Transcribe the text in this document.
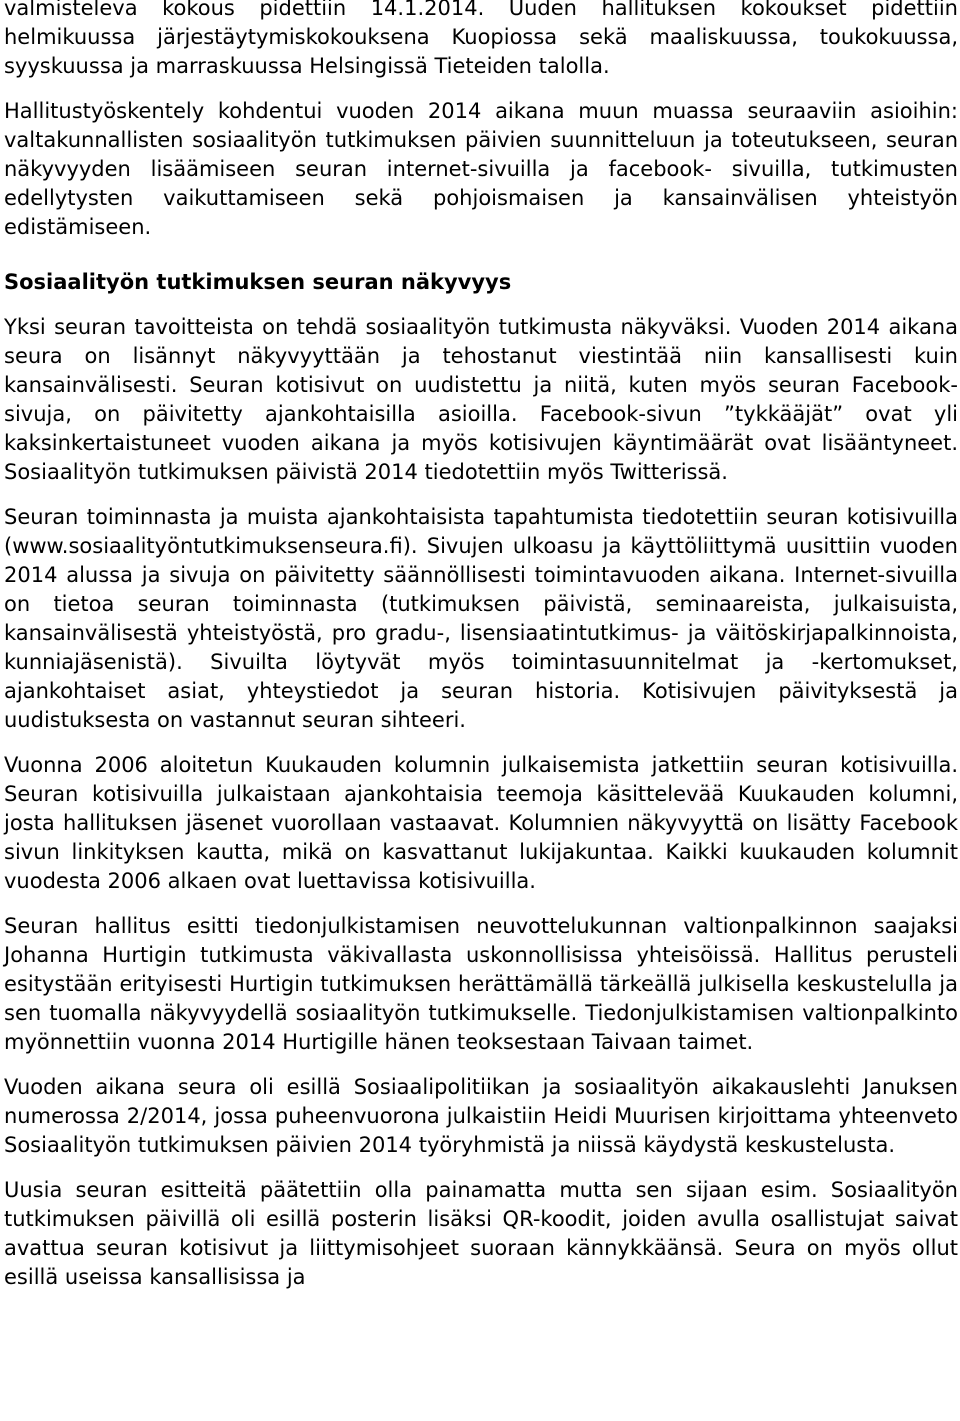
valmisteleva kokous pidettiin 14.1.2014. Uuden hallituksen kokoukset pidettiin helmikuussa järjestäytymiskokouksena Kuopiossa sekä maaliskuussa, toukokuussa, syyskuussa ja marraskuussa Helsingissä Tieteiden talolla.

Hallitustyöskentely kohdentui vuoden 2014 aikana muun muassa seuraaviin asioihin: valtakunnallisten sosiaalityön tutkimuksen päivien suunnitteluun ja toteutukseen, seuran näkyvyyden lisäämiseen seuran internet-sivuilla ja facebook- sivuilla, tutkimusten edellytysten vaikuttamiseen sekä pohjoismaisen ja kansainvälisen yhteistyön edistämiseen.

Sosiaalityön tutkimuksen seuran näkyvyys

Yksi seuran tavoitteista on tehdä sosiaalityön tutkimusta näkyväksi. Vuoden 2014 aikana seura on lisännyt näkyvyyttään ja tehostanut viestintää niin kansallisesti kuin kansainvälisesti. Seuran kotisivut on uudistettu ja niitä, kuten myös seuran Facebook-sivuja, on päivitetty ajankohtaisilla asioilla. Facebook-sivun ”tykkääjät” ovat yli kaksinkertaistuneet vuoden aikana ja myös kotisivujen käyntimäärät ovat lisääntyneet. Sosiaalityön tutkimuksen päivistä 2014 tiedotettiin myös Twitterissä.

Seuran toiminnasta ja muista ajankohtaisista tapahtumista tiedotettiin seuran kotisivuilla (www.sosiaalityöntutkimuksenseura.fi). Sivujen ulkoasu ja käyttöliittymä uusittiin vuoden 2014 alussa ja sivuja on päivitetty säännöllisesti toimintavuoden aikana. Internet-sivuilla on tietoa seuran toiminnasta (tutkimuksen päivistä, seminaareista, julkaisuista, kansainvälisestä yhteistyöstä, pro gradu-, lisensiaatintutkimus- ja väitöskirjapalkinnoista, kunniajäsenistä). Sivuilta löytyvät myös toimintasuunnitelmat ja -kertomukset, ajankohtaiset asiat, yhteystiedot ja seuran historia. Kotisivujen päivityksestä ja uudistuksesta on vastannut seuran sihteeri.

Vuonna 2006 aloitetun Kuukauden kolumnin julkaisemista jatkettiin seuran kotisivuilla. Seuran kotisivuilla julkaistaan ajankohtaisia teemoja käsittelevää Kuukauden kolumni, josta hallituksen jäsenet vuorollaan vastaavat. Kolumnien näkyvyyttä on lisätty Facebook sivun linkityksen kautta, mikä on kasvattanut lukijakuntaa. Kaikki kuukauden kolumnit vuodesta 2006 alkaen ovat luettavissa kotisivuilla.

Seuran hallitus esitti tiedonjulkistamisen neuvottelukunnan valtionpalkinnon saajaksi Johanna Hurtigin tutkimusta väkivallasta uskonnollisissa yhteisöissä. Hallitus perusteli esitystään erityisesti Hurtigin tutkimuksen herättämällä tärkeällä julkisella keskustelulla ja sen tuomalla näkyvyydellä sosiaalityön tutkimukselle. Tiedonjulkistamisen valtionpalkinto myönnettiin vuonna 2014 Hurtigille hänen teoksestaan Taivaan taimet.

Vuoden aikana seura oli esillä Sosiaalipolitiikan ja sosiaalityön aikakauslehti Januksen numerossa 2/2014, jossa puheenvuorona julkaistiin Heidi Muurisen kirjoittama yhteenveto Sosiaalityön tutkimuksen päivien 2014 työryhmistä ja niissä käydystä keskustelusta.

Uusia seuran esitteitä päätettiin olla painamatta mutta sen sijaan esim. Sosiaalityön tutkimuksen päivillä oli esillä posterin lisäksi QR-koodit, joiden avulla osallistujat saivat avattua seuran kotisivut ja liittymisohjeet suoraan kännykkäänsä. Seura on myös ollut esillä useissa kansallisissa ja
